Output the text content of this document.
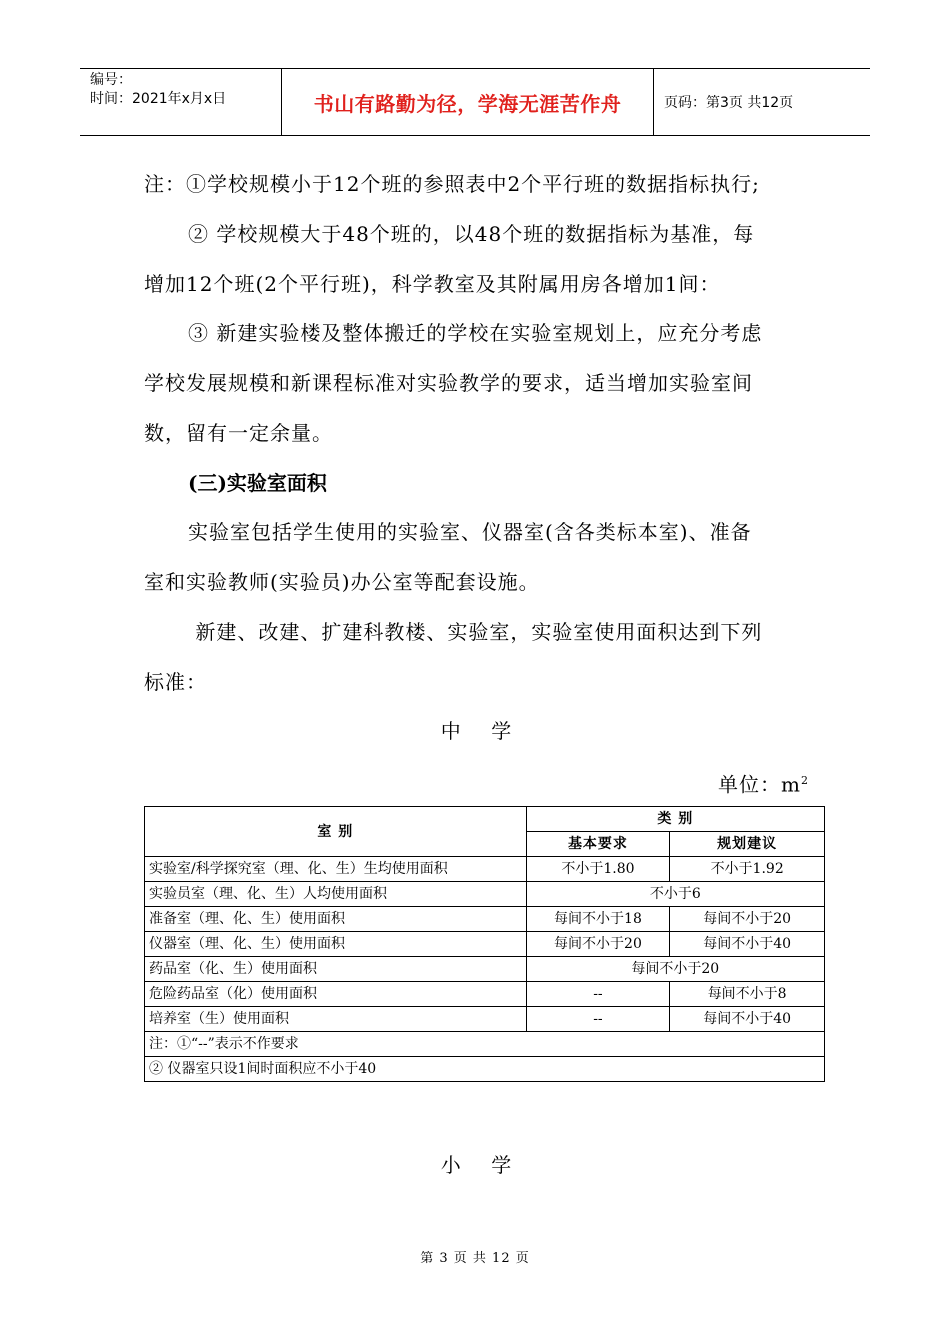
编号：
时间：2021年x月x日	书山有路勤为径，学海无涯苦作舟	页码：第3页 共12页
注：①学校规模小于12个班的参照表中2个平行班的数据指标执行;
② 学校规模大于48个班的，以48个班的数据指标为基准，每
增加12个班(2个平行班)，科学教室及其附属用房各增加1间：
③ 新建实验楼及整体搬迁的学校在实验室规划上，应充分考虑
学校发展规模和新课程标准对实验教学的要求，适当增加实验室间
数，留有一定余量。
(三)实验室面积
实验室包括学生使用的实验室、仪器室(含各类标本室)、准备
室和实验教师(实验员)办公室等配套设施。
新建、改建、扩建科教楼、实验室，实验室使用面积达到下列
标准：
中    学
单位：$m^2$
室 别	类 别	
	基本要求	规划建议
实验室/科学探究室（理、化、生）生均使用面积	不小于1.80	不小于1.92
实验员室（理、化、生）人均使用面积	不小于6	
准备室（理、化、生）使用面积	每间不小于18	每间不小于20
仪器室（理、化、生）使用面积	每间不小于20	每间不小于40
药品室（化、生）使用面积	每间不小于20	
危险药品室（化）使用面积	--	每间不小于8
培养室（生）使用面积	--	每间不小于40
注：①“--”表示不作要求		
② 仪器室只设1间时面积应不小于40		
小    学
第 3 页 共 12 页
